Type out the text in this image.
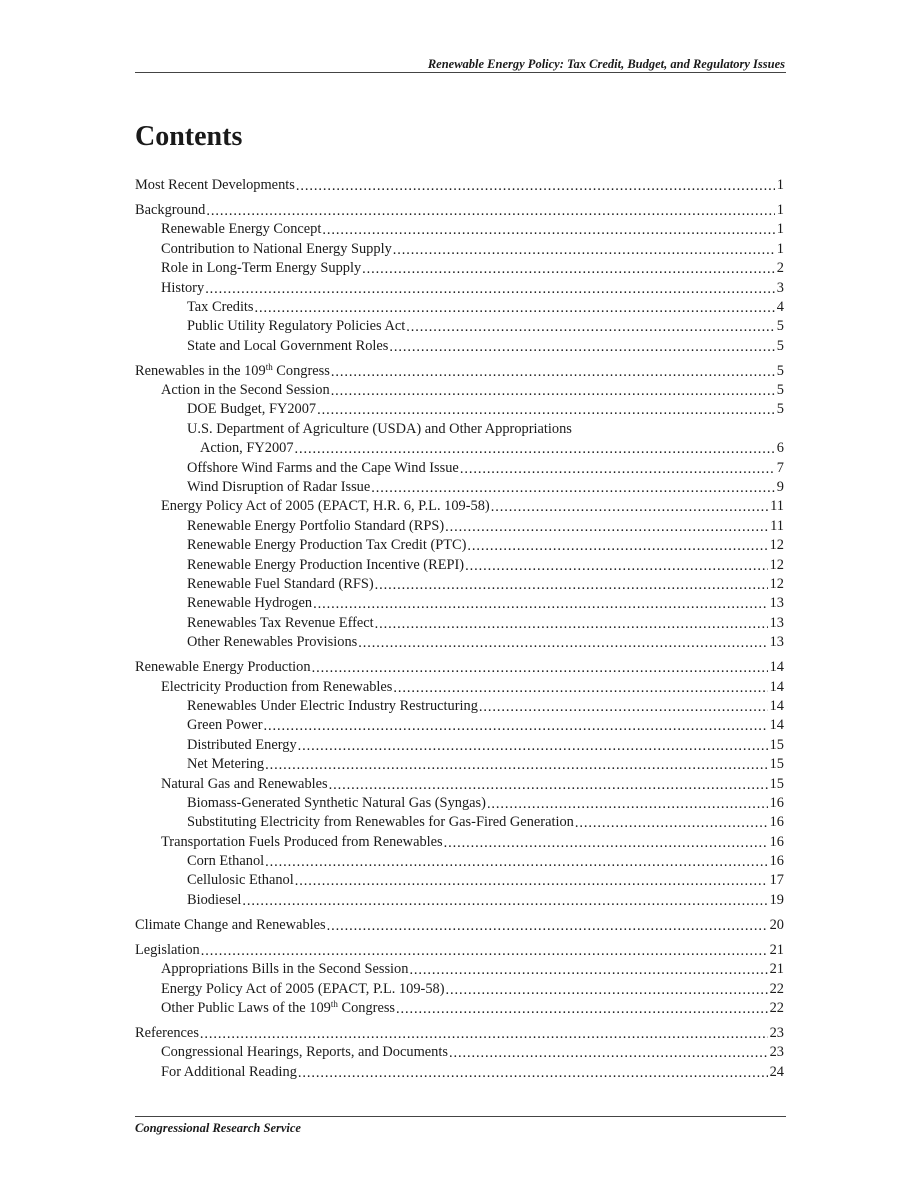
Renewable Energy Policy: Tax Credit, Budget, and Regulatory Issues
Contents
Most Recent Developments .....	1
Background .....	1
Renewable Energy Concept .....	1
Contribution to National Energy Supply .....	1
Role in Long-Term Energy Supply .....	2
History .....	3
Tax Credits .....	4
Public Utility Regulatory Policies Act .....	5
State and Local Government Roles .....	5
Renewables in the 109th Congress .....	5
Action in the Second Session .....	5
DOE Budget, FY2007 .....	5
U.S. Department of Agriculture (USDA) and Other Appropriations
Action, FY2007 .....	6
Offshore Wind Farms and the Cape Wind Issue .....	7
Wind Disruption of Radar Issue .....	9
Energy Policy Act of 2005 (EPACT, H.R. 6, P.L. 109-58) .....	11
Renewable Energy Portfolio Standard (RPS) .....	11
Renewable Energy Production Tax Credit (PTC) .....	12
Renewable Energy Production Incentive (REPI) .....	12
Renewable Fuel Standard (RFS) .....	12
Renewable Hydrogen .....	13
Renewables Tax Revenue Effect .....	13
Other Renewables Provisions .....	13
Renewable Energy Production .....	14
Electricity Production from Renewables .....	14
Renewables Under Electric Industry Restructuring .....	14
Green Power .....	14
Distributed Energy .....	15
Net Metering .....	15
Natural Gas and Renewables .....	15
Biomass-Generated Synthetic Natural Gas (Syngas) .....	16
Substituting Electricity from Renewables for Gas-Fired Generation .....	16
Transportation Fuels Produced from Renewables .....	16
Corn Ethanol .....	16
Cellulosic Ethanol .....	17
Biodiesel .....	19
Climate Change and Renewables .....	20
Legislation .....	21
Appropriations Bills in the Second Session .....	21
Energy Policy Act of 2005 (EPACT, P.L. 109-58) .....	22
Other Public Laws of the 109th Congress .....	22
References .....	23
Congressional Hearings, Reports, and Documents .....	23
For Additional Reading .....	24
Congressional Research Service
